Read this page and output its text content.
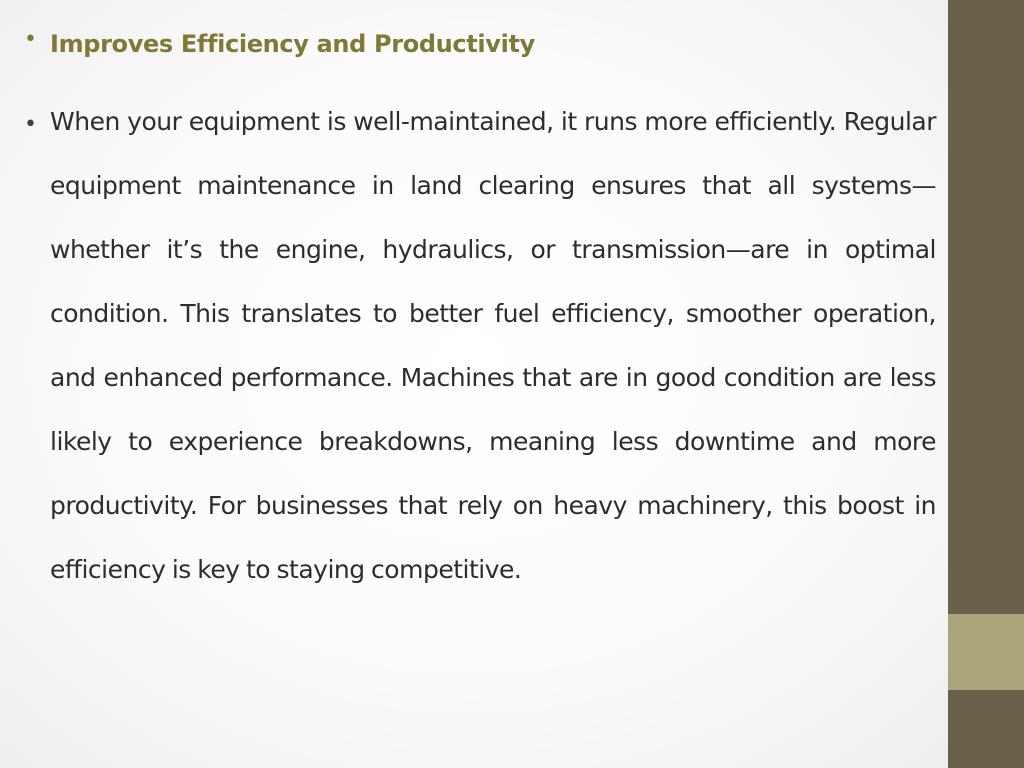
• Improves Efficiency and Productivity
• When your equipment is well-maintained, it runs more efficiently. Regular equipment maintenance in land clearing ensures that all systems—whether it’s the engine, hydraulics, or transmission—are in optimal condition. This translates to better fuel efficiency, smoother operation, and enhanced performance. Machines that are in good condition are less likely to experience breakdowns, meaning less downtime and more productivity. For businesses that rely on heavy machinery, this boost in efficiency is key to staying competitive.
